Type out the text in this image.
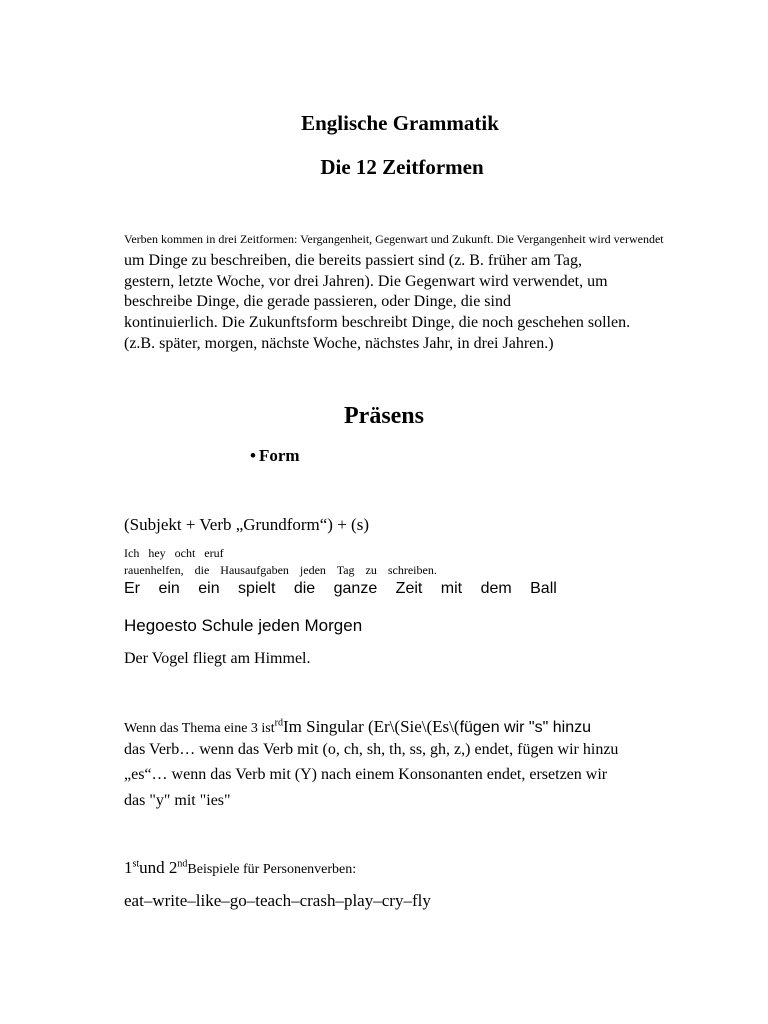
Englische Grammatik
Die 12 Zeitformen
Verben kommen in drei Zeitformen: Vergangenheit, Gegenwart und Zukunft. Die Vergangenheit wird verwendet
um Dinge zu beschreiben, die bereits passiert sind (z. B. früher am Tag,
gestern, letzte Woche, vor drei Jahren). Die Gegenwart wird verwendet, um
beschreibe Dinge, die gerade passieren, oder Dinge, die sind
kontinuierlich. Die Zukunftsform beschreibt Dinge, die noch geschehen sollen.
(z.B. später, morgen, nächste Woche, nächstes Jahr, in drei Jahren.)
Präsens
• Form
(Subjekt + Verb „Grundform“) + (s)
Ich hey ocht eruf
rauenhelfen, die Hausaufgaben jeden Tag zu schreiben.
Er ein ein spielt die ganze Zeit mit dem Ball
Hegoesto Schule jeden Morgen
Der Vogel fliegt am Himmel.
Wenn das Thema eine 3 ist$^{rd}$Im Singular (Er\(Sie\(Es\(fügen wir "s" hinzu
das Verb… wenn das Verb mit (o, ch, sh, th, ss, gh, z,) endet, fügen wir hinzu
„es“… wenn das Verb mit (Y) nach einem Konsonanten endet, ersetzen wir
das "y" mit "ies"
1stund 2ndBeispiele für Personenverben:
eat–write–like–go–teach–crash–play–cry–fly
